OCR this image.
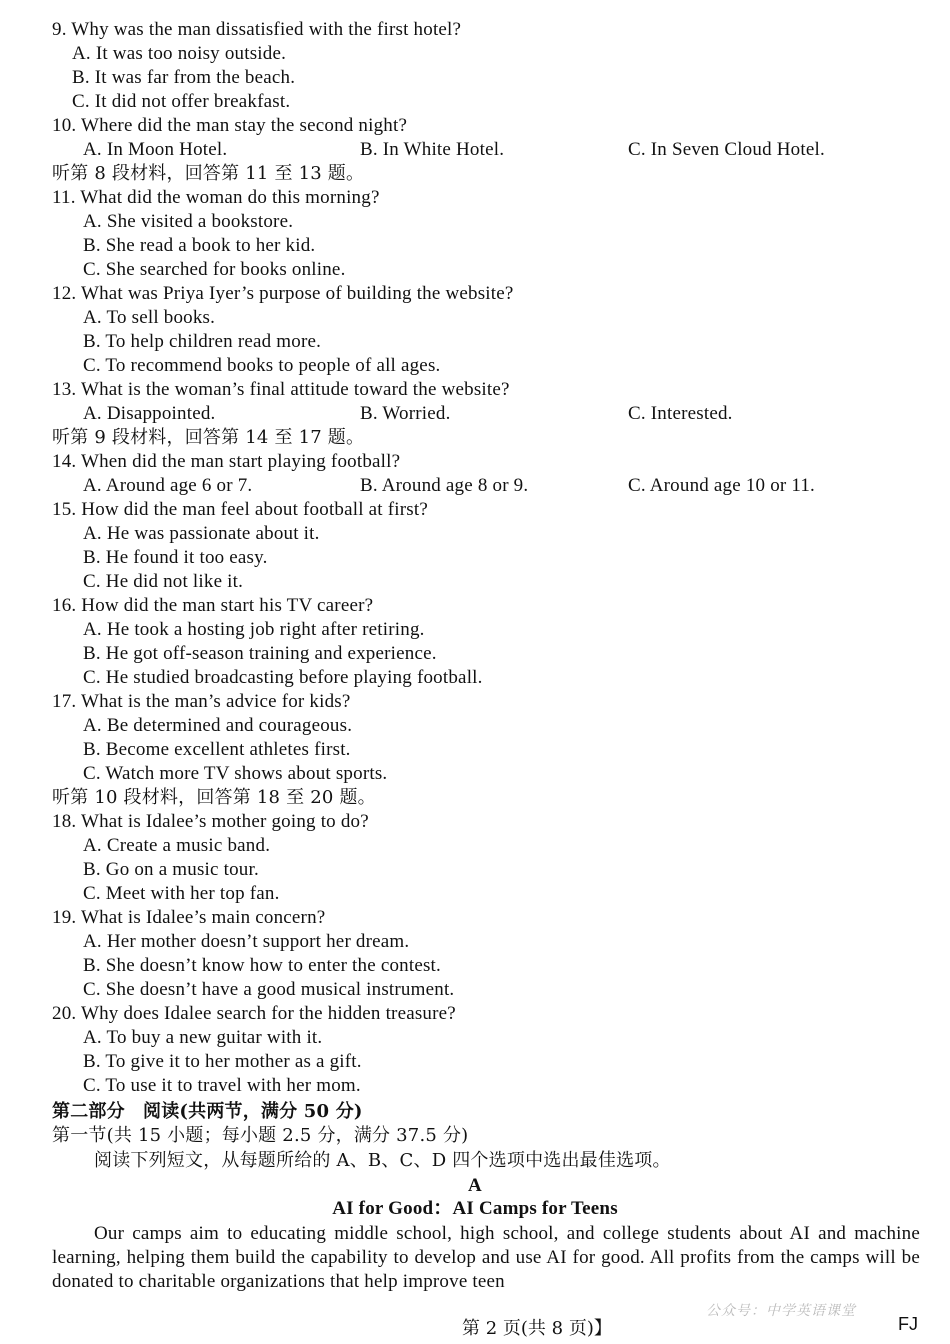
9. Why was the man dissatisfied with the first hotel?
A. It was too noisy outside.
B. It was far from the beach.
C. It did not offer breakfast.
10. Where did the man stay the second night?
A. In Moon Hotel.	B. In White Hotel.	C. In Seven Cloud Hotel.
听第 8 段材料，回答第 11 至 13 题。
11. What did the woman do this morning?
A. She visited a bookstore.
B. She read a book to her kid.
C. She searched for books online.
12. What was Priya Iyer’s purpose of building the website?
A. To sell books.
B. To help children read more.
C. To recommend books to people of all ages.
13. What is the woman’s final attitude toward the website?
A. Disappointed.	B. Worried.	C. Interested.
听第 9 段材料，回答第 14 至 17 题。
14. When did the man start playing football?
A. Around age 6 or 7.	B. Around age 8 or 9.	C. Around age 10 or 11.
15. How did the man feel about football at first?
A. He was passionate about it.
B. He found it too easy.
C. He did not like it.
16. How did the man start his TV career?
A. He took a hosting job right after retiring.
B. He got off-season training and experience.
C. He studied broadcasting before playing football.
17. What is the man’s advice for kids?
A. Be determined and courageous.
B. Become excellent athletes first.
C. Watch more TV shows about sports.
听第 10 段材料，回答第 18 至 20 题。
18. What is Idalee’s mother going to do?
A. Create a music band.
B. Go on a music tour.
C. Meet with her top fan.
19. What is Idalee’s main concern?
A. Her mother doesn’t support her dream.
B. She doesn’t know how to enter the contest.
C. She doesn’t have a good musical instrument.
20. Why does Idalee search for the hidden treasure?
A. To buy a new guitar with it.
B. To give it to her mother as a gift.
C. To use it to travel with her mom.
第二部分　阅读(共两节，满分 50 分)
第一节(共 15 小题；每小题 2.5 分，满分 37.5 分)
阅读下列短文，从每题所给的 A、B、C、D 四个选项中选出最佳选项。
A
AI for Good：AI Camps for Teens
Our camps aim to educating middle school, high school, and college students about AI and machine learning, helping them build the capability to develop and use AI for good. All profits from the camps will be donated to charitable organizations that help improve teen
第 2 页(共 8 页)】	FJ
公众号：中学英语课堂
